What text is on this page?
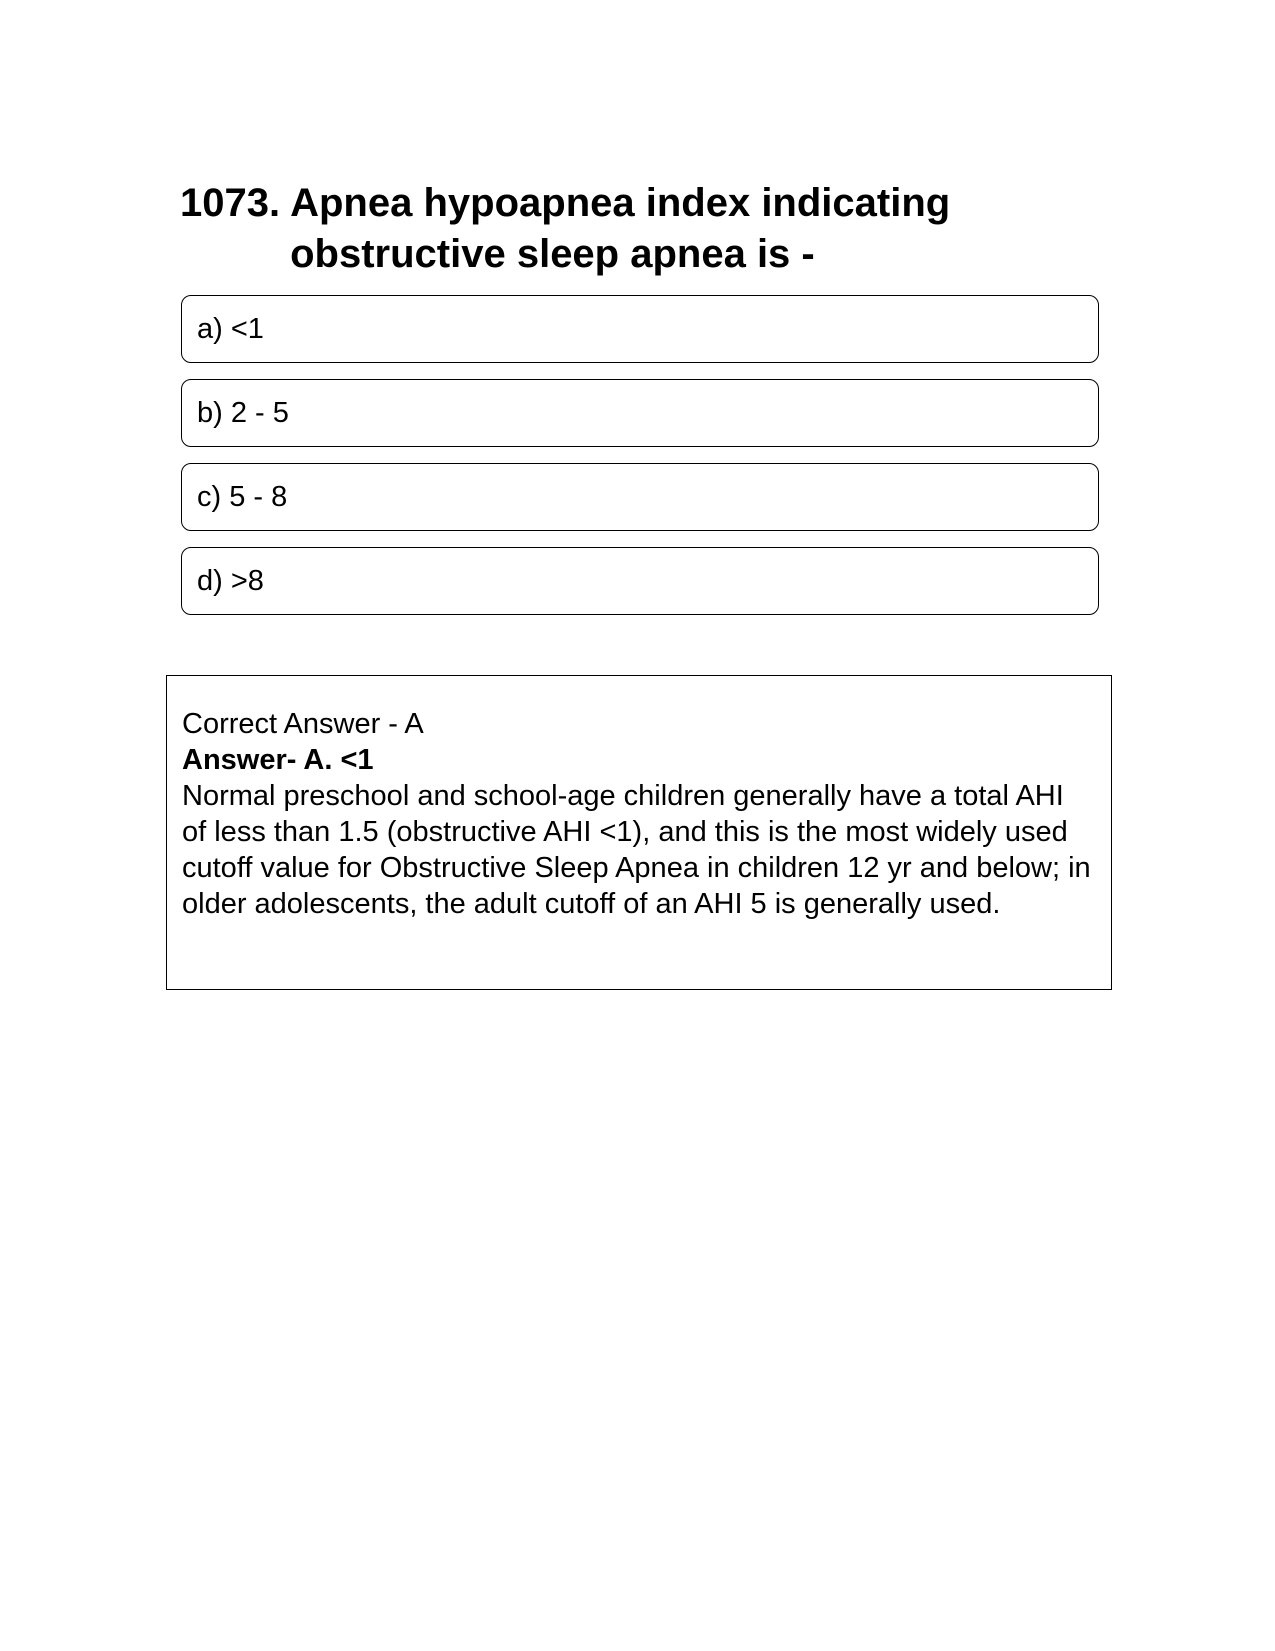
1073. Apnea hypoapnea index indicating obstructive sleep apnea is -
a) <1
b) 2 - 5
c) 5 - 8
d) >8
Correct Answer - A
Answer- A. <1
Normal preschool and school-age children generally have a total AHI of less than 1.5 (obstructive AHI <1), and this is the most widely used cutoff value for Obstructive Sleep Apnea in children 12 yr and below; in older adolescents, the adult cutoff of an AHI 5 is generally used.
